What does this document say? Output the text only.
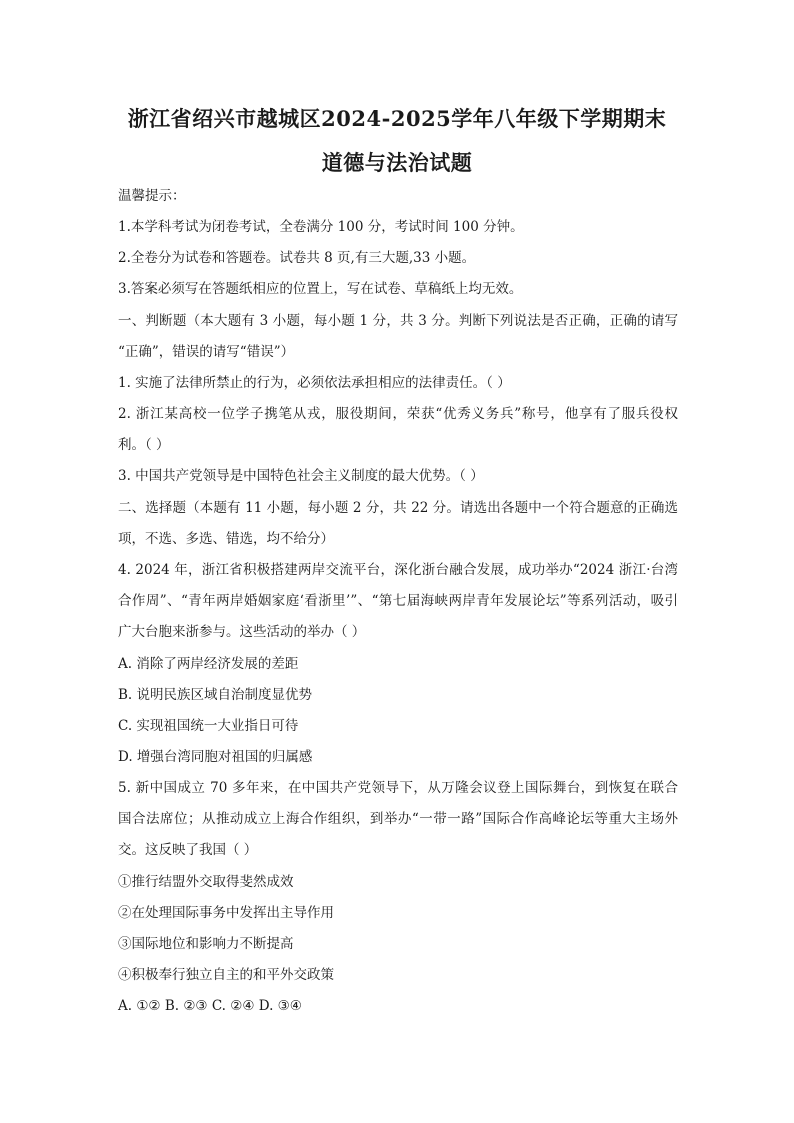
浙江省绍兴市越城区2024-2025学年八年级下学期期末
道德与法治试题
温馨提示：
1.本学科考试为闭卷考试，全卷满分 100 分，考试时间 100 分钟。
2.全卷分为试卷和答题卷。试卷共 8 页,有三大题,33 小题。
3.答案必须写在答题纸相应的位置上，写在试卷、草稿纸上均无效。
一、判断题（本大题有 3 小题，每小题 1 分，共 3 分。判断下列说法是否正确，正确的请写
“正确”，错误的请写“错误”）
1. 实施了法律所禁止的行为，必须依法承担相应的法律责任。（ ）
2. 浙江某高校一位学子携笔从戎，服役期间，荣获“优秀义务兵”称号，他享有了服兵役权
利。（ ）
3. 中国共产党领导是中国特色社会主义制度的最大优势。（ ）
二、选择题（本题有 11 小题，每小题 2 分，共 22 分。请选出各题中一个符合题意的正确选
项，不选、多选、错选，均不给分）
4. 2024 年，浙江省积极搭建两岸交流平台，深化浙台融合发展，成功举办“2024 浙江·台湾
合作周”、“青年两岸婚姻家庭‘看浙里’”、“第七届海峡两岸青年发展论坛”等系列活动，吸引
广大台胞来浙参与。这些活动的举办（ ）
A. 消除了两岸经济发展的差距
B. 说明民族区域自治制度显优势
C. 实现祖国统一大业指日可待
D. 增强台湾同胞对祖国的归属感
5. 新中国成立 70 多年来，在中国共产党领导下，从万隆会议登上国际舞台，到恢复在联合
国合法席位；从推动成立上海合作组织，到举办“一带一路”国际合作高峰论坛等重大主场外
交。这反映了我国（ ）
①推行结盟外交取得斐然成效
②在处理国际事务中发挥出主导作用
③国际地位和影响力不断提高
④积极奉行独立自主的和平外交政策
A. ①② B. ②③ C. ②④ D. ③④
